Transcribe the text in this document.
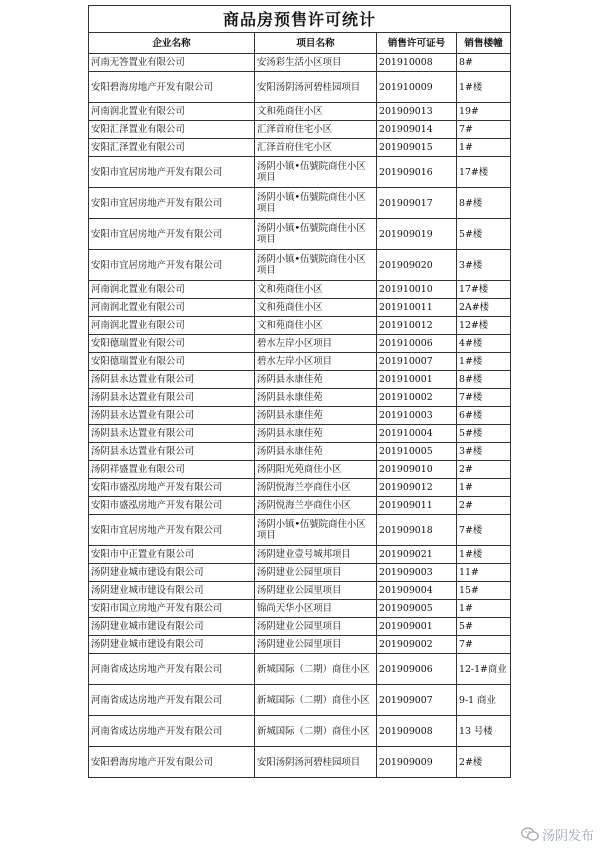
商品房预售许可统计			
企业名称	项目名称	销售许可证号	销售楼幢
河南无答置业有限公司	安汤彩生活小区项目	201910008	8#
安阳碧海房地产开发有限公司	安阳汤阴汤河碧桂园项目	201910009	1#楼
河南润北置业有限公司	文和苑商住小区	201909013	19#
安阳汇泽置业有限公司	汇泽首府住宅小区	201909014	7#
安阳汇泽置业有限公司	汇泽首府住宅小区	201909015	1#
安阳市宜居房地产开发有限公司	汤阴小镇•伍號院商住小区项目	201909016	17#楼
安阳市宜居房地产开发有限公司	汤阴小镇•伍號院商住小区项目	201909017	8#楼
安阳市宜居房地产开发有限公司	汤阴小镇•伍號院商住小区项目	201909019	5#楼
安阳市宜居房地产开发有限公司	汤阴小镇•伍號院商住小区项目	201909020	3#楼
河南润北置业有限公司	文和苑商住小区	201910010	17#楼
河南润北置业有限公司	文和苑商住小区	201910011	2A#楼
河南润北置业有限公司	文和苑商住小区	201910012	12#楼
安阳德瑞置业有限公司	碧水左岸小区项目	201910006	4#楼
安阳德瑞置业有限公司	碧水左岸小区项目	201910007	1#楼
汤阴县永达置业有限公司	汤阴县永康佳苑	201910001	8#楼
汤阴县永达置业有限公司	汤阴县永康佳苑	201910002	7#楼
汤阴县永达置业有限公司	汤阴县永康佳苑	201910003	6#楼
汤阴县永达置业有限公司	汤阴县永康佳苑	201910004	5#楼
汤阴县永达置业有限公司	汤阴县永康佳苑	201910005	3#楼
汤阴祥盛置业有限公司	汤阴阳光苑商住小区	201909010	2#
安阳市盛泓房地产开发有限公司	汤阴悦海兰亭商住小区	201909012	1#
安阳市盛泓房地产开发有限公司	汤阴悦海兰亭商住小区	201909011	2#
安阳市宜居房地产开发有限公司	汤阴小镇•伍號院商住小区项目	201909018	7#楼
安阳市中正置业有限公司	汤阴建业壹号城邦项目	201909021	1#楼
汤阴建业城市建设有限公司	汤阴建业公园里项目	201909003	11#
汤阴建业城市建设有限公司	汤阴建业公园里项目	201909004	15#
安阳市国立房地产开发有限公司	锦尚天华小区项目	201909005	1#
汤阴建业城市建设有限公司	汤阴建业公园里项目	201909001	5#
汤阴建业城市建设有限公司	汤阴建业公园里项目	201909002	7#
河南省成达房地产开发有限公司	新城国际（二期）商住小区	201909006	12-1#商业
河南省成达房地产开发有限公司	新城国际（二期）商住小区	201909007	9-1 商业
河南省成达房地产开发有限公司	新城国际（二期）商住小区	201909008	13 号楼
安阳碧海房地产开发有限公司	安阳汤阴汤河碧桂园项目	201909009	2#楼
汤阴发布
